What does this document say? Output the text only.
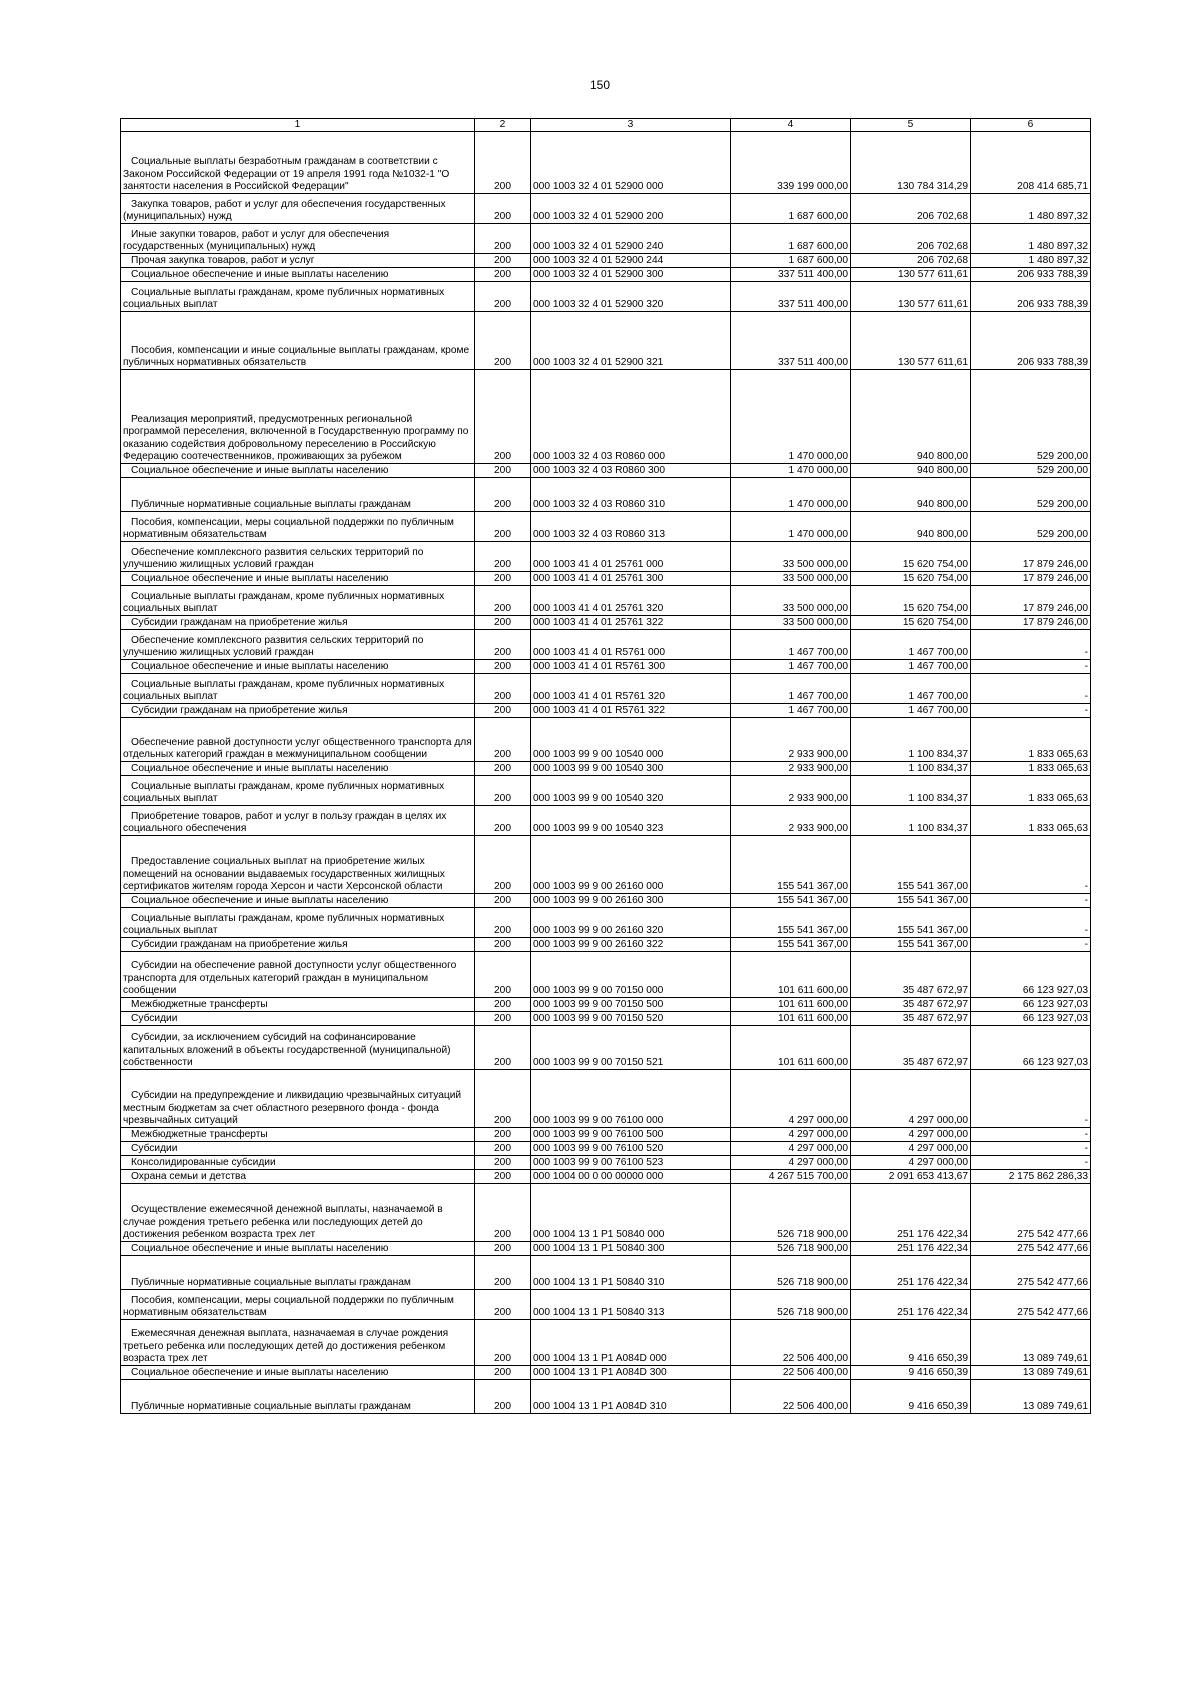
150
1	2	3	4	5	6
Социальные выплаты безработным гражданам в соответствии с Законом Российской Федерации от 19 апреля 1991 года №1032-1 "О занятости населения в Российской Федерации"	200	000 1003 32 4 01 52900 000	339 199 000,00	130 784 314,29	208 414 685,71
Закупка товаров, работ и услуг для обеспечения государственных (муниципальных) нужд	200	000 1003 32 4 01 52900 200	1 687 600,00	206 702,68	1 480 897,32
Иные закупки товаров, работ и услуг для обеспечения государственных (муниципальных) нужд	200	000 1003 32 4 01 52900 240	1 687 600,00	206 702,68	1 480 897,32
Прочая закупка товаров, работ и услуг	200	000 1003 32 4 01 52900 244	1 687 600,00	206 702,68	1 480 897,32
Социальное обеспечение и иные выплаты населению	200	000 1003 32 4 01 52900 300	337 511 400,00	130 577 611,61	206 933 788,39
Социальные выплаты гражданам, кроме публичных нормативных социальных выплат	200	000 1003 32 4 01 52900 320	337 511 400,00	130 577 611,61	206 933 788,39
Пособия, компенсации и иные социальные выплаты гражданам, кроме публичных нормативных обязательств	200	000 1003 32 4 01 52900 321	337 511 400,00	130 577 611,61	206 933 788,39
Реализация мероприятий, предусмотренных региональной программой переселения, включенной в Государственную программу по оказанию содействия добровольному переселению в Российскую Федерацию соотечественников, проживающих за рубежом	200	000 1003 32 4 03 R0860 000	1 470 000,00	940 800,00	529 200,00
Социальное обеспечение и иные выплаты населению	200	000 1003 32 4 03 R0860 300	1 470 000,00	940 800,00	529 200,00
Публичные нормативные социальные выплаты гражданам	200	000 1003 32 4 03 R0860 310	1 470 000,00	940 800,00	529 200,00
Пособия, компенсации, меры социальной поддержки по публичным нормативным обязательствам	200	000 1003 32 4 03 R0860 313	1 470 000,00	940 800,00	529 200,00
Обеспечение комплексного развития сельских территорий по улучшению жилищных условий граждан	200	000 1003 41 4 01 25761 000	33 500 000,00	15 620 754,00	17 879 246,00
Социальное обеспечение и иные выплаты населению	200	000 1003 41 4 01 25761 300	33 500 000,00	15 620 754,00	17 879 246,00
Социальные выплаты гражданам, кроме публичных нормативных социальных выплат	200	000 1003 41 4 01 25761 320	33 500 000,00	15 620 754,00	17 879 246,00
Субсидии гражданам на приобретение жилья	200	000 1003 41 4 01 25761 322	33 500 000,00	15 620 754,00	17 879 246,00
Обеспечение комплексного развития сельских территорий по улучшению жилищных условий граждан	200	000 1003 41 4 01 R5761 000	1 467 700,00	1 467 700,00	-
Социальное обеспечение и иные выплаты населению	200	000 1003 41 4 01 R5761 300	1 467 700,00	1 467 700,00	-
Социальные выплаты гражданам, кроме публичных нормативных социальных выплат	200	000 1003 41 4 01 R5761 320	1 467 700,00	1 467 700,00	-
Субсидии гражданам на приобретение жилья	200	000 1003 41 4 01 R5761 322	1 467 700,00	1 467 700,00	-
Обеспечение равной доступности услуг общественного транспорта для отдельных категорий граждан в межмуниципальном сообщении	200	000 1003 99 9 00 10540 000	2 933 900,00	1 100 834,37	1 833 065,63
Социальное обеспечение и иные выплаты населению	200	000 1003 99 9 00 10540 300	2 933 900,00	1 100 834,37	1 833 065,63
Социальные выплаты гражданам, кроме публичных нормативных социальных выплат	200	000 1003 99 9 00 10540 320	2 933 900,00	1 100 834,37	1 833 065,63
Приобретение товаров, работ и услуг в пользу граждан в целях их социального обеспечения	200	000 1003 99 9 00 10540 323	2 933 900,00	1 100 834,37	1 833 065,63
Предоставление социальных выплат на приобретение жилых помещений на основании выдаваемых государственных жилищных сертификатов жителям города Херсон и части Херсонской области	200	000 1003 99 9 00 26160 000	155 541 367,00	155 541 367,00	-
Социальное обеспечение и иные выплаты населению	200	000 1003 99 9 00 26160 300	155 541 367,00	155 541 367,00	-
Социальные выплаты гражданам, кроме публичных нормативных социальных выплат	200	000 1003 99 9 00 26160 320	155 541 367,00	155 541 367,00	-
Субсидии гражданам на приобретение жилья	200	000 1003 99 9 00 26160 322	155 541 367,00	155 541 367,00	-
Субсидии на обеспечение равной доступности услуг общественного транспорта для отдельных категорий граждан в муниципальном сообщении	200	000 1003 99 9 00 70150 000	101 611 600,00	35 487 672,97	66 123 927,03
Межбюджетные трансферты	200	000 1003 99 9 00 70150 500	101 611 600,00	35 487 672,97	66 123 927,03
Субсидии	200	000 1003 99 9 00 70150 520	101 611 600,00	35 487 672,97	66 123 927,03
Субсидии, за исключением субсидий на софинансирование капитальных вложений в объекты государственной (муниципальной) собственности	200	000 1003 99 9 00 70150 521	101 611 600,00	35 487 672,97	66 123 927,03
Субсидии на предупреждение и ликвидацию чрезвычайных ситуаций местным бюджетам за счет областного резервного фонда - фонда чрезвычайных ситуаций	200	000 1003 99 9 00 76100 000	4 297 000,00	4 297 000,00	-
Межбюджетные трансферты	200	000 1003 99 9 00 76100 500	4 297 000,00	4 297 000,00	-
Субсидии	200	000 1003 99 9 00 76100 520	4 297 000,00	4 297 000,00	-
Консолидированные субсидии	200	000 1003 99 9 00 76100 523	4 297 000,00	4 297 000,00	-
Охрана семьи и детства	200	000 1004 00 0 00 00000 000	4 267 515 700,00	2 091 653 413,67	2 175 862 286,33
Осуществление ежемесячной денежной выплаты, назначаемой в случае рождения третьего ребенка или последующих детей до достижения ребенком возраста трех лет	200	000 1004 13 1 P1 50840 000	526 718 900,00	251 176 422,34	275 542 477,66
Социальное обеспечение и иные выплаты населению	200	000 1004 13 1 P1 50840 300	526 718 900,00	251 176 422,34	275 542 477,66
Публичные нормативные социальные выплаты гражданам	200	000 1004 13 1 P1 50840 310	526 718 900,00	251 176 422,34	275 542 477,66
Пособия, компенсации, меры социальной поддержки по публичным нормативным обязательствам	200	000 1004 13 1 P1 50840 313	526 718 900,00	251 176 422,34	275 542 477,66
Ежемесячная денежная выплата, назначаемая в случае рождения третьего ребенка или последующих детей до достижения ребенком возраста трех лет	200	000 1004 13 1 P1 A084D 000	22 506 400,00	9 416 650,39	13 089 749,61
Социальное обеспечение и иные выплаты населению	200	000 1004 13 1 P1 A084D 300	22 506 400,00	9 416 650,39	13 089 749,61
Публичные нормативные социальные выплаты гражданам	200	000 1004 13 1 P1 A084D 310	22 506 400,00	9 416 650,39	13 089 749,61
